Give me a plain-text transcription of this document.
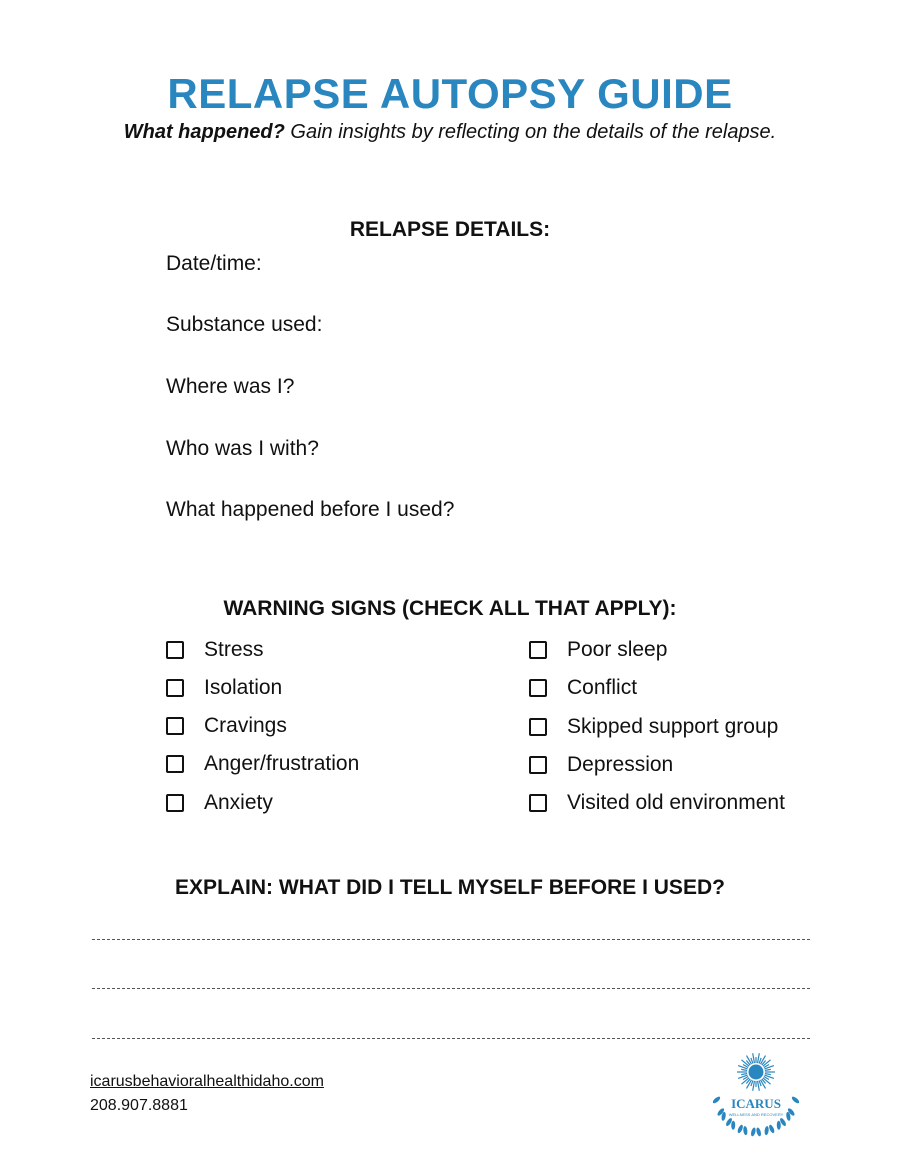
RELAPSE AUTOPSY GUIDE
What happened? Gain insights by reflecting on the details of the relapse.
RELAPSE DETAILS:
Date/time:
Substance used:
Where was I?
Who was I with?
What happened before I used?
WARNING SIGNS (CHECK ALL THAT APPLY):
Stress
Isolation
Cravings
Anger/frustration
Anxiety
Poor sleep
Conflict
Skipped support group
Depression
Visited old environment
EXPLAIN: WHAT DID I TELL MYSELF BEFORE I USED?
icarusbehavioralhealthidaho.com
208.907.8881	ICARUS
WELLNESS AND RECOVERY
